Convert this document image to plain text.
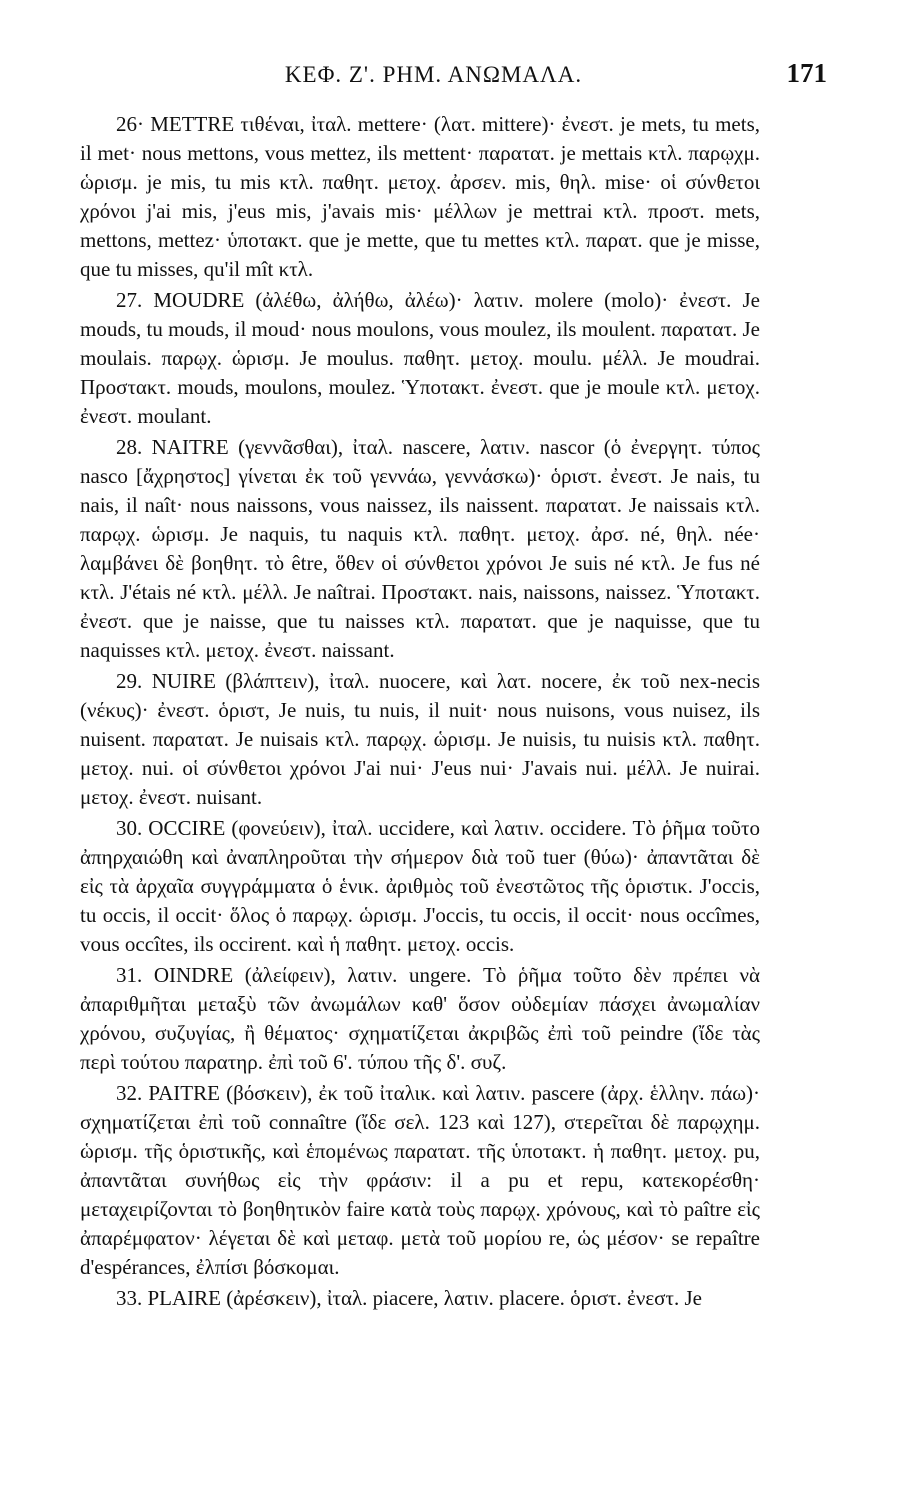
ΚΕΦ. Ζ'. ΡΗΜ. ΑΝΩΜΑΛΑ.	171

26· METTRE τιθέναι, ἰταλ. mettere· (λατ. mittere)· ἐνεστ. je mets, tu mets, il met· nous mettons, vous mettez, ils mettent· παρατατ. je mettais κτλ. παρῳχμ. ὡρισμ. je mis, tu mis κτλ. παθητ. μετοχ. ἀρσεν. mis, θηλ. mise· οἱ σύνθετοι χρόνοι j'ai mis, j'eus mis, j'avais mis· μέλλων je mettrai κτλ. προστ. mets, mettons, mettez· ὑποτακτ. que je mette, que tu mettes κτλ. παρατ. que je misse, que tu misses, qu'il mît κτλ.

27. MOUDRE (ἀλέθω, ἀλήθω, ἀλέω)· λατιν. molere (molo)· ἐνεστ. Je mouds, tu mouds, il moud· nous moulons, vous moulez, ils moulent. παρατατ. Je moulais. παρῳχ. ὡρισμ. Je moulus. παθητ. μετοχ. moulu. μέλλ. Je moudrai. Προστακτ. mouds, moulons, moulez. Ὑποτακτ. ἐνεστ. que je moule κτλ. μετοχ. ἐνεστ. moulant.

28. NAITRE (γεννᾶσθαι), ἰταλ. nascere, λατιν. nascor (ὁ ἐνεργητ. τύπος nasco [ἄχρηστος] γίνεται ἐκ τοῦ γεννάω, γεννάσκω)· ὁριστ. ἐνεστ. Je nais, tu nais, il naît· nous naissons, vous naissez, ils naissent. παρατατ. Je naissais κτλ. παρῳχ. ὡρισμ. Je naquis, tu naquis κτλ. παθητ. μετοχ. ἀρσ. né, θηλ. née· λαμβάνει δὲ βοηθητ. τὸ être, ὅθεν οἱ σύνθετοι χρόνοι Je suis né κτλ. Je fus né κτλ. J'étais né κτλ. μέλλ. Je naîtrai. Προστακτ. nais, naissons, naissez. Ὑποτακτ. ἐνεστ. que je naisse, que tu naisses κτλ. παρατατ. que je naquisse, que tu naquisses κτλ. μετοχ. ἐνεστ. naissant.

29. NUIRE (βλάπτειν), ἰταλ. nuocere, καὶ λατ. nocere, ἐκ τοῦ nex-necis (νέκυς)· ἐνεστ. ὁριστ, Je nuis, tu nuis, il nuit· nous nuisons, vous nuisez, ils nuisent. παρατατ. Je nuisais κτλ. παρῳχ. ὡρισμ. Je nuisis, tu nuisis κτλ. παθητ. μετοχ. nui. οἱ σύνθετοι χρόνοι J'ai nui· J'eus nui· J'avais nui. μέλλ. Je nuirai. μετοχ. ἐνεστ. nuisant.

30. OCCIRE (φονεύειν), ἰταλ. uccidere, καὶ λατιν. occidere. Τὸ ῥῆμα τοῦτο ἀπηρχαιώθη καὶ ἀναπληροῦται τὴν σήμερον διὰ τοῦ tuer (θύω)· ἀπαντᾶται δὲ εἰς τὰ ἀρχαῖα συγγράμματα ὁ ἑνικ. ἀριθμὸς τοῦ ἐνεστῶτος τῆς ὁριστικ. J'occis, tu occis, il occit· ὅλος ὁ παρῳχ. ὡρισμ. J'occis, tu occis, il occit· nous occîmes, vous occîtes, ils occirent. καὶ ἡ παθητ. μετοχ. occis.

31. OINDRE (ἀλείφειν), λατιν. ungere. Τὸ ῥῆμα τοῦτο δὲν πρέπει νὰ ἀπαριθμῆται μεταξὺ τῶν ἀνωμάλων καθ' ὅσον οὐδεμίαν πάσχει ἀνωμαλίαν χρόνου, συζυγίας, ἢ θέματος· σχηματίζεται ἀκριβῶς ἐπὶ τοῦ peindre (ἴδε τὰς περὶ τούτου παρατηρ. ἐπὶ τοῦ 6'. τύπου τῆς δ'. συζ.

32. PAITRE (βόσκειν), ἐκ τοῦ ἰταλικ. καὶ λατιν. pascere (ἀρχ. ἑλλην. πάω)· σχηματίζεται ἐπὶ τοῦ connaître (ἴδε σελ. 123 καὶ 127), στερεῖται δὲ παρῳχημ. ὡρισμ. τῆς ὁριστικῆς, καὶ ἑπομένως παρατατ. τῆς ὑποτακτ. ἡ παθητ. μετοχ. pu, ἀπαντᾶται συνήθως εἰς τὴν φράσιν: il a pu et repu, κατεκορέσθη· μεταχειρίζονται τὸ βοηθητικὸν faire κατὰ τοὺς παρῳχ. χρόνους, καὶ τὸ paître εἰς ἀπαρέμφατον· λέγεται δὲ καὶ μεταφ. μετὰ τοῦ μορίου re, ὡς μέσον· se repaître d'espérances, ἐλπίσι βόσκομαι.

33. PLAIRE (ἀρέσκειν), ἰταλ. piacere, λατιν. placere. ὁριστ. ἐνεστ. Je
